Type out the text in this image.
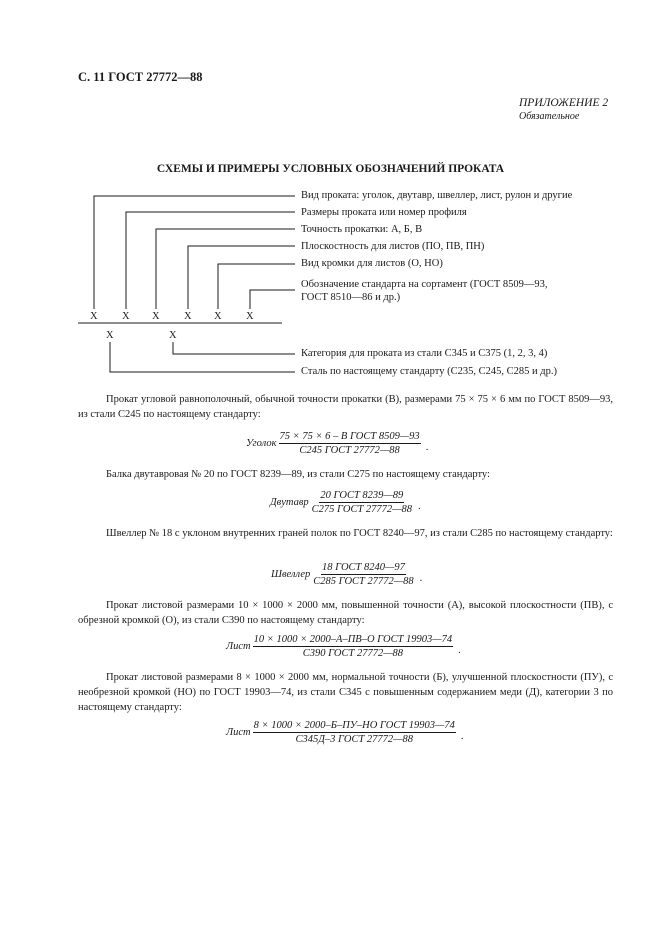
С. 11 ГОСТ 27772—88
ПРИЛОЖЕНИЕ 2
Обязательное
СХЕМЫ И ПРИМЕРЫ УСЛОВНЫХ ОБОЗНАЧЕНИЙ ПРОКАТА
X X X X X X
X	X
Вид проката: уголок, двутавр, швеллер, лист, рулон и другие
Размеры проката или номер профиля
Точность прокатки: А, Б, В
Плоскостность для листов (ПО, ПВ, ПН)
Вид кромки для листов (О, НО)
Обозначение стандарта на сортамент (ГОСТ 8509—93,
ГОСТ 8510—86 и др.)
Категория для проката из стали С345 и С375 (1, 2, 3, 4)
Сталь по настоящему стандарту (С235, С245, С285 и др.)
Прокат угловой равнополочный, обычной точности прокатки (В), размерами 75 × 75 × 6 мм по ГОСТ 8509—93, из стали С245 по настоящему стандарту:
Уголок $\frac{\text{75 × 75 × 6 – В ГОСТ 8509—93}}{\text{С245 ГОСТ 27772—88}}$ .
Балка двутавровая № 20 по ГОСТ 8239—89, из стали С275 по настоящему стандарту:
Двутавр $\frac{\text{20 ГОСТ 8239—89}}{\text{С275 ГОСТ 27772—88}}$ .
Швеллер № 18 с уклоном внутренних граней полок по ГОСТ 8240—97, из стали С285 по настоящему стандарту:
Швеллер $\frac{\text{18 ГОСТ 8240—97}}{\text{С285 ГОСТ 27772—88}}$ .
Прокат листовой размерами 10 × 1000 × 2000 мм, повышенной точности (А), высокой плоскостности (ПВ), с обрезной кромкой (О), из стали С390 по настоящему стандарту:
Лист $\frac{\text{10 × 1000 × 2000–А–ПВ–О ГОСТ 19903—74}}{\text{С390 ГОСТ 27772—88}}$ .
Прокат листовой размерами 8 × 1000 × 2000 мм, нормальной точности (Б), улучшенной плоскостности (ПУ), с необрезной кромкой (НО) по ГОСТ 19903—74, из стали С345 с повышенным содержанием меди (Д), категории 3 по настоящему стандарту:
Лист $\frac{\text{8 × 1000 × 2000–Б–ПУ–НО ГОСТ 19903—74}}{\text{С345Д–3 ГОСТ 27772—88}}$ .
